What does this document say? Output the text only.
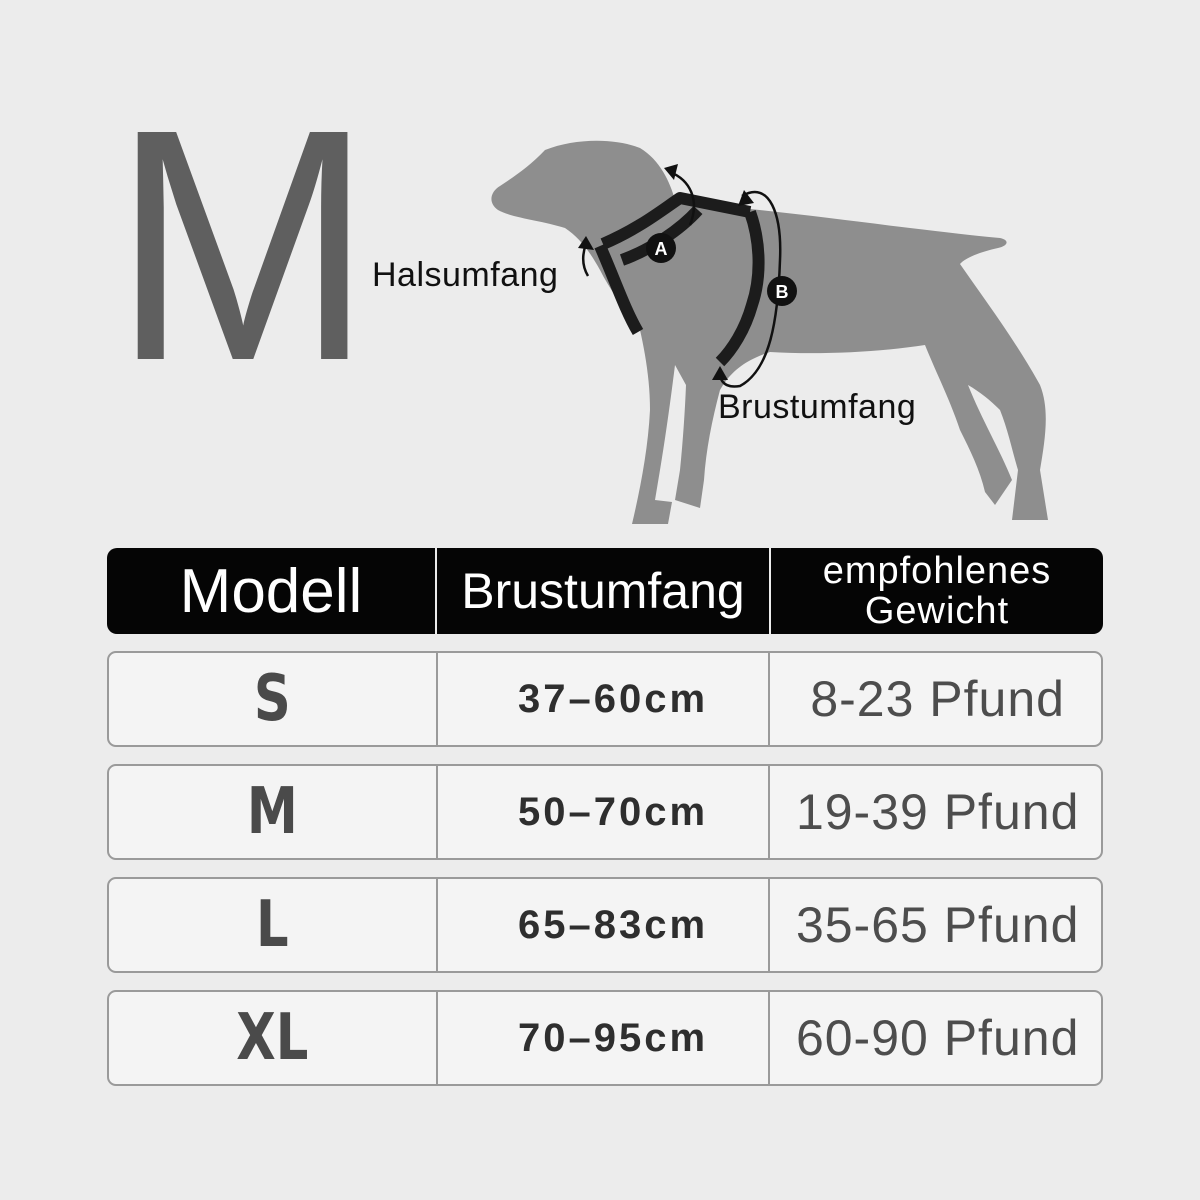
M	A
B
Halsumfang
Brustumfang
Modell	Brustumfang	empfohlenes
Gewicht
S	37–60cm	8-23 Pfund
M	50–70cm	19-39 Pfund
L	65–83cm	35-65 Pfund
XL	70–95cm	60-90 Pfund
